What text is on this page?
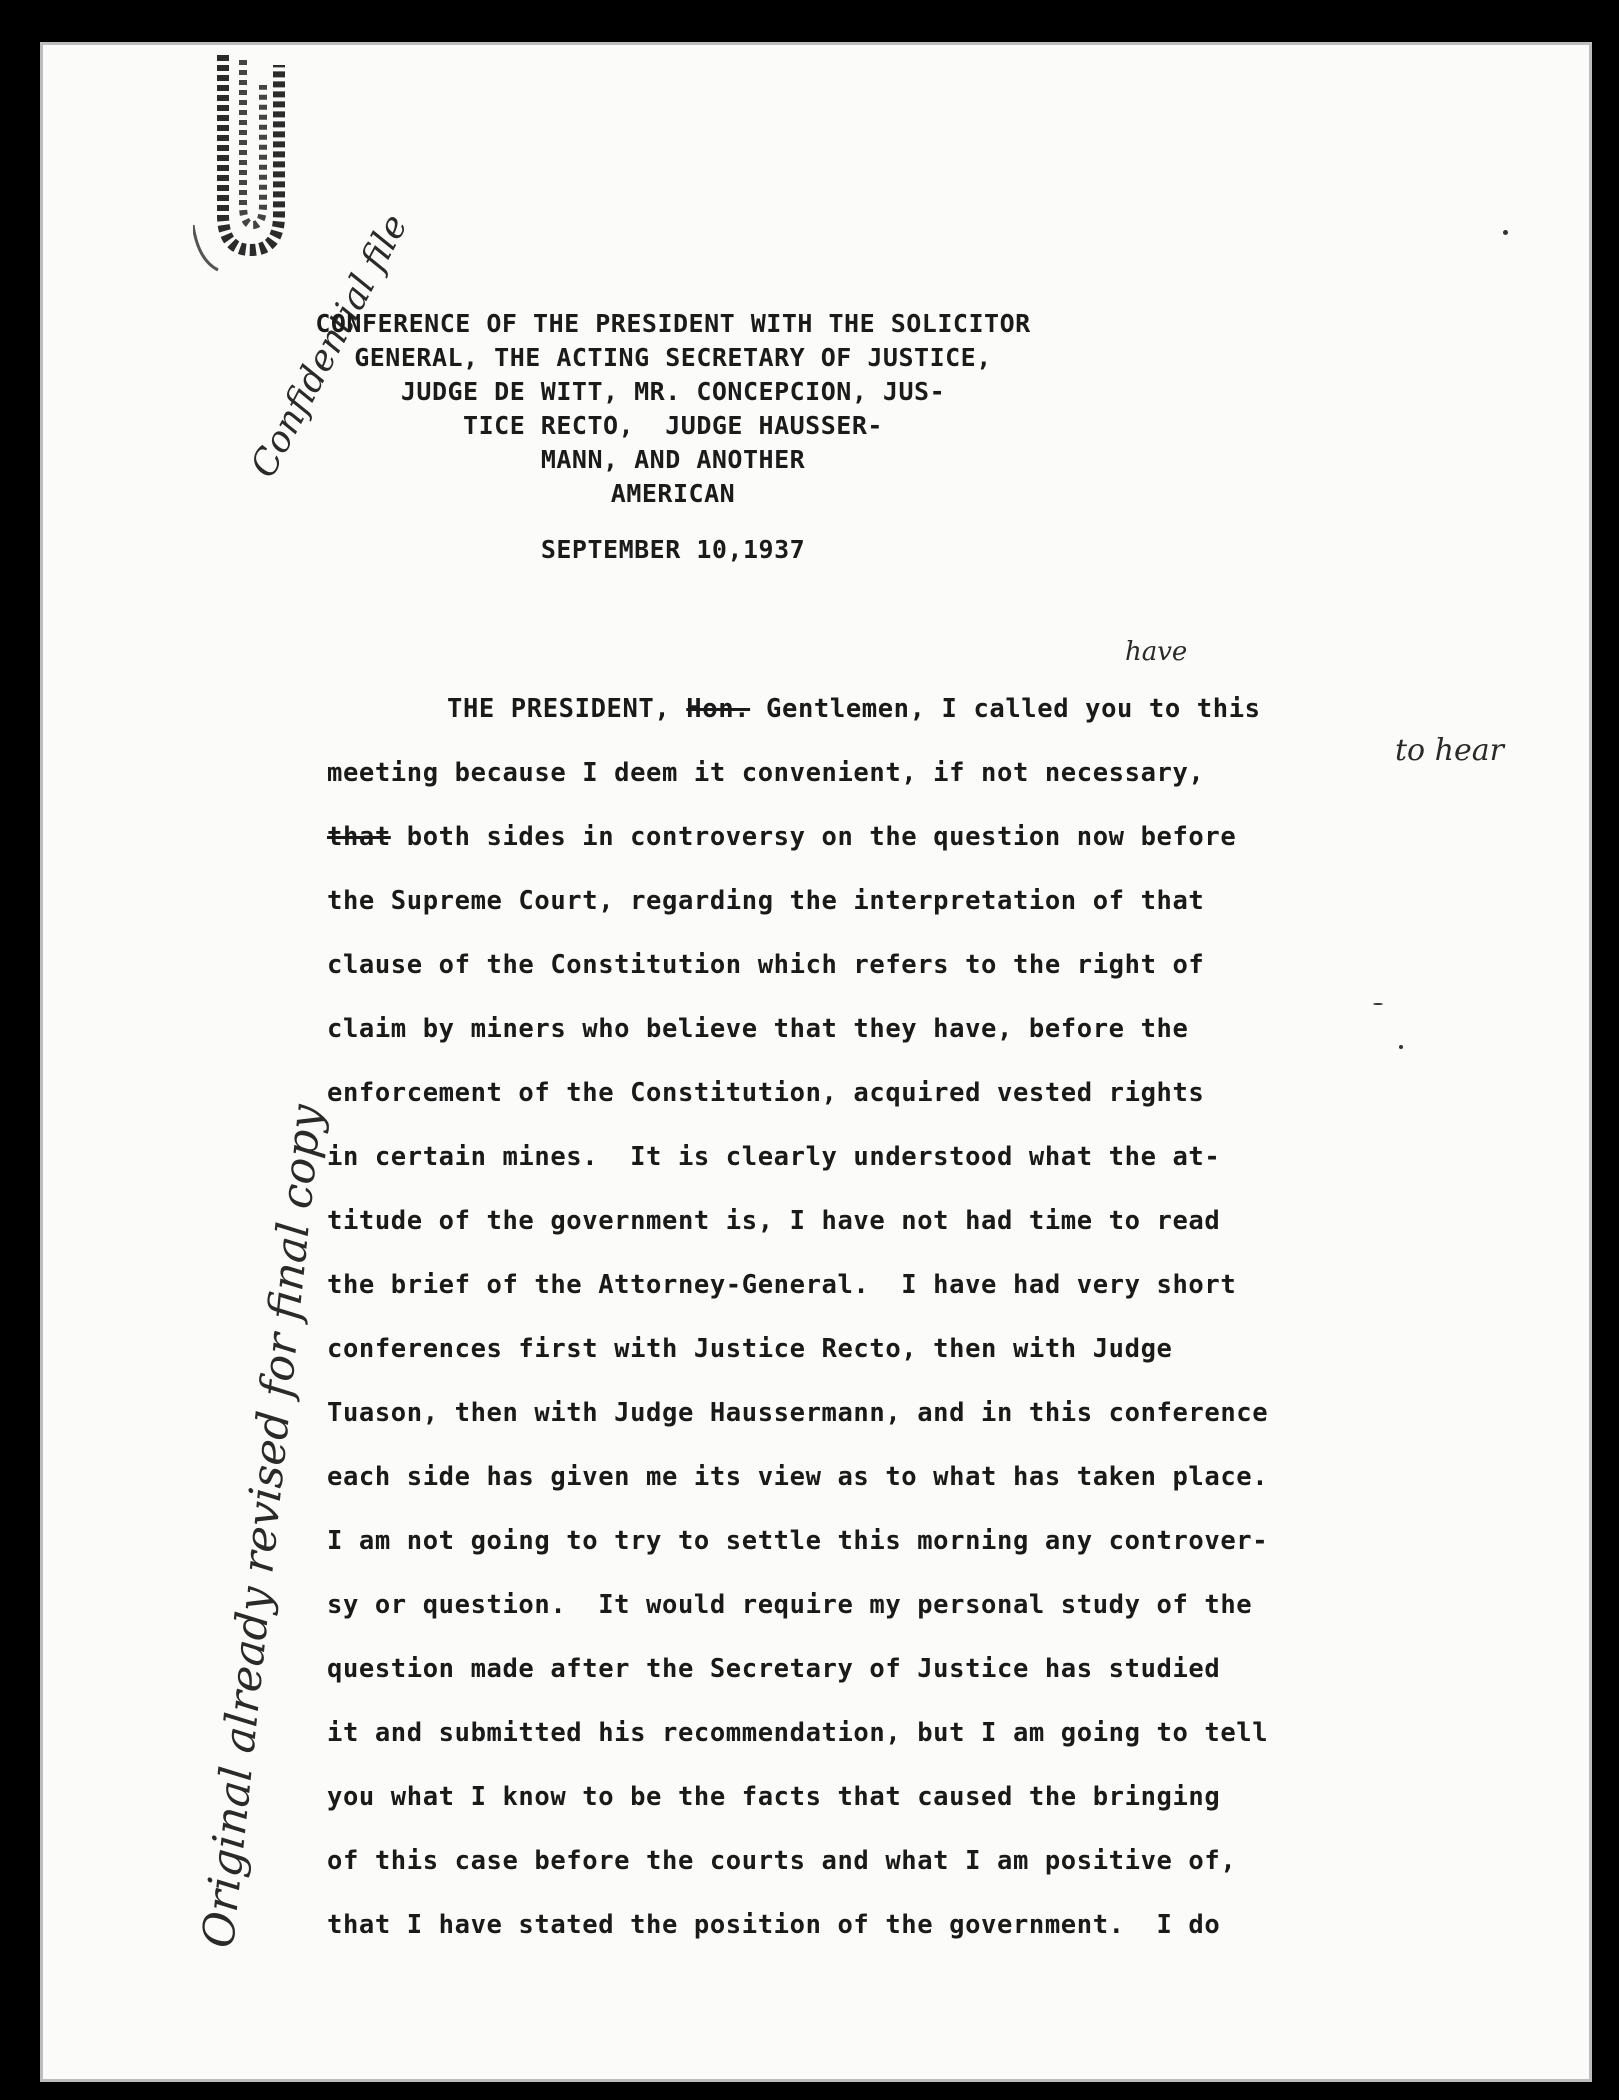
Confidential file
CONFERENCE OF THE PRESIDENT WITH THE SOLICITOR
GENERAL, THE ACTING SECRETARY OF JUSTICE,
JUDGE DE WITT, MR. CONCEPCION, JUS-
TICE RECTO,  JUDGE HAUSSER-
MANN, AND ANOTHER
AMERICAN
SEPTEMBER 10,1937
have
to hear
Original already revised for final copy
THE PRESIDENT, Hon. Gentlemen, I called you to this
meeting because I deem it convenient, if not necessary,
that both sides in controversy on the question now before
the Supreme Court, regarding the interpretation of that
clause of the Constitution which refers to the right of
claim by miners who believe that they have, before the
enforcement of the Constitution, acquired vested rights
in certain mines.  It is clearly understood what the at-
titude of the government is, I have not had time to read
the brief of the Attorney-General.  I have had very short
conferences first with Justice Recto, then with Judge
Tuason, then with Judge Haussermann, and in this conference
each side has given me its view as to what has taken place.
I am not going to try to settle this morning any controver-
sy or question.  It would require my personal study of the
question made after the Secretary of Justice has studied
it and submitted his recommendation, but I am going to tell
you what I know to be the facts that caused the bringing
of this case before the courts and what I am positive of,
that I have stated the position of the government.  I do
